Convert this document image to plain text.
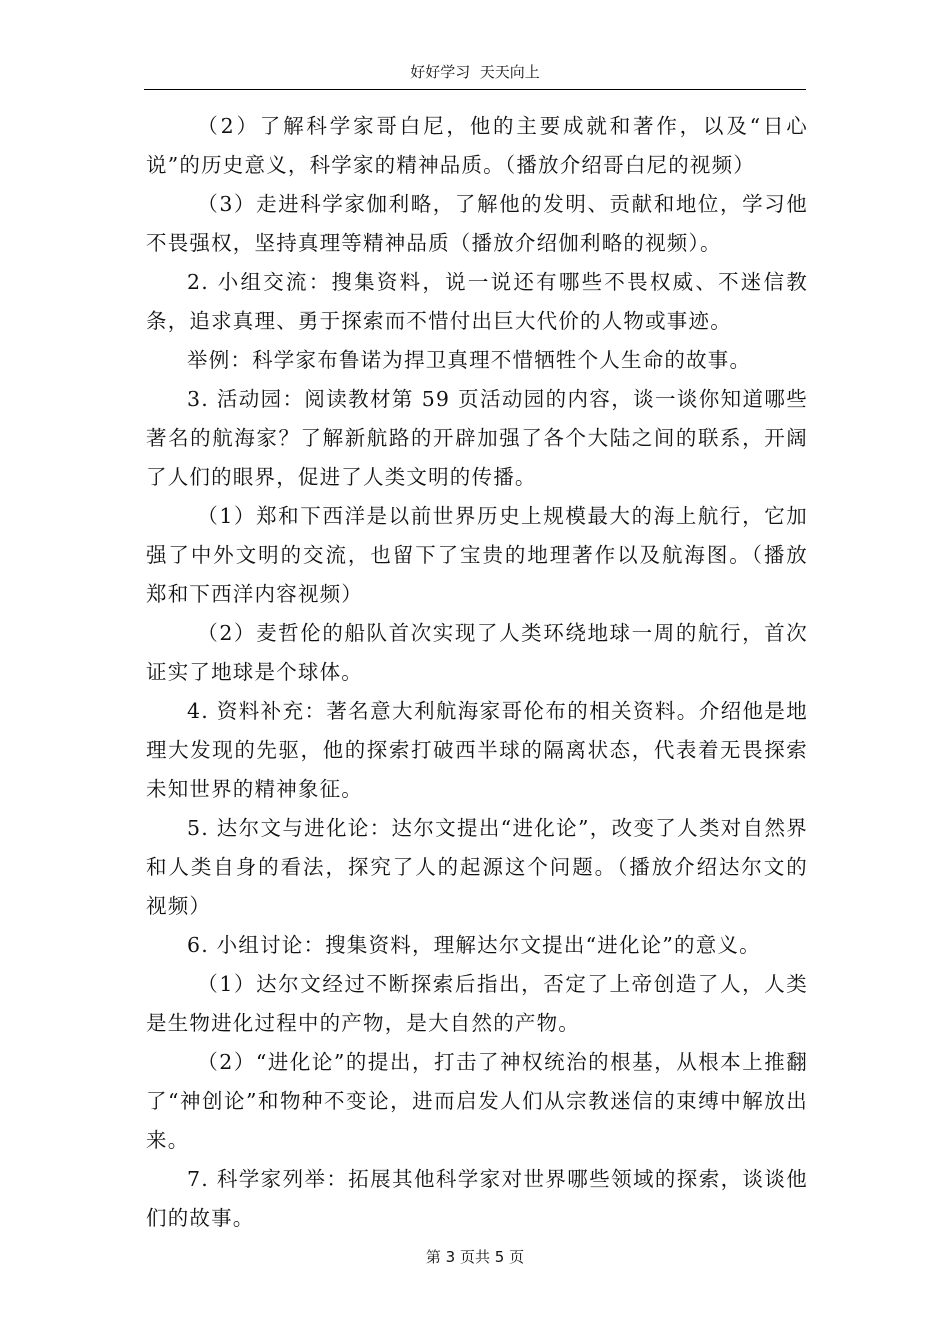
好好学习  天天向上

（2）了解科学家哥白尼，他的主要成就和著作，以及“日心说”的历史意义，科学家的精神品质。（播放介绍哥白尼的视频）

（3）走进科学家伽利略，了解他的发明、贡献和地位，学习他不畏强权，坚持真理等精神品质（播放介绍伽利略的视频）。

2. 小组交流：搜集资料，说一说还有哪些不畏权威、不迷信教条，追求真理、勇于探索而不惜付出巨大代价的人物或事迹。

举例：科学家布鲁诺为捍卫真理不惜牺牲个人生命的故事。

3. 活动园：阅读教材第 59 页活动园的内容，谈一谈你知道哪些著名的航海家？了解新航路的开辟加强了各个大陆之间的联系，开阔了人们的眼界，促进了人类文明的传播。

（1）郑和下西洋是以前世界历史上规模最大的海上航行，它加强了中外文明的交流，也留下了宝贵的地理著作以及航海图。（播放郑和下西洋内容视频）

（2）麦哲伦的船队首次实现了人类环绕地球一周的航行，首次证实了地球是个球体。

4. 资料补充：著名意大利航海家哥伦布的相关资料。介绍他是地理大发现的先驱，他的探索打破西半球的隔离状态，代表着无畏探索未知世界的精神象征。

5. 达尔文与进化论：达尔文提出“进化论”，改变了人类对自然界和人类自身的看法，探究了人的起源这个问题。（播放介绍达尔文的视频）

6. 小组讨论：搜集资料，理解达尔文提出“进化论”的意义。

（1）达尔文经过不断探索后指出，否定了上帝创造了人，人类是生物进化过程中的产物，是大自然的产物。

（2）“进化论”的提出，打击了神权统治的根基，从根本上推翻了“神创论”和物种不变论，进而启发人们从宗教迷信的束缚中解放出来。

7. 科学家列举：拓展其他科学家对世界哪些领域的探索，谈谈他们的故事。

第 3 页共 5 页
